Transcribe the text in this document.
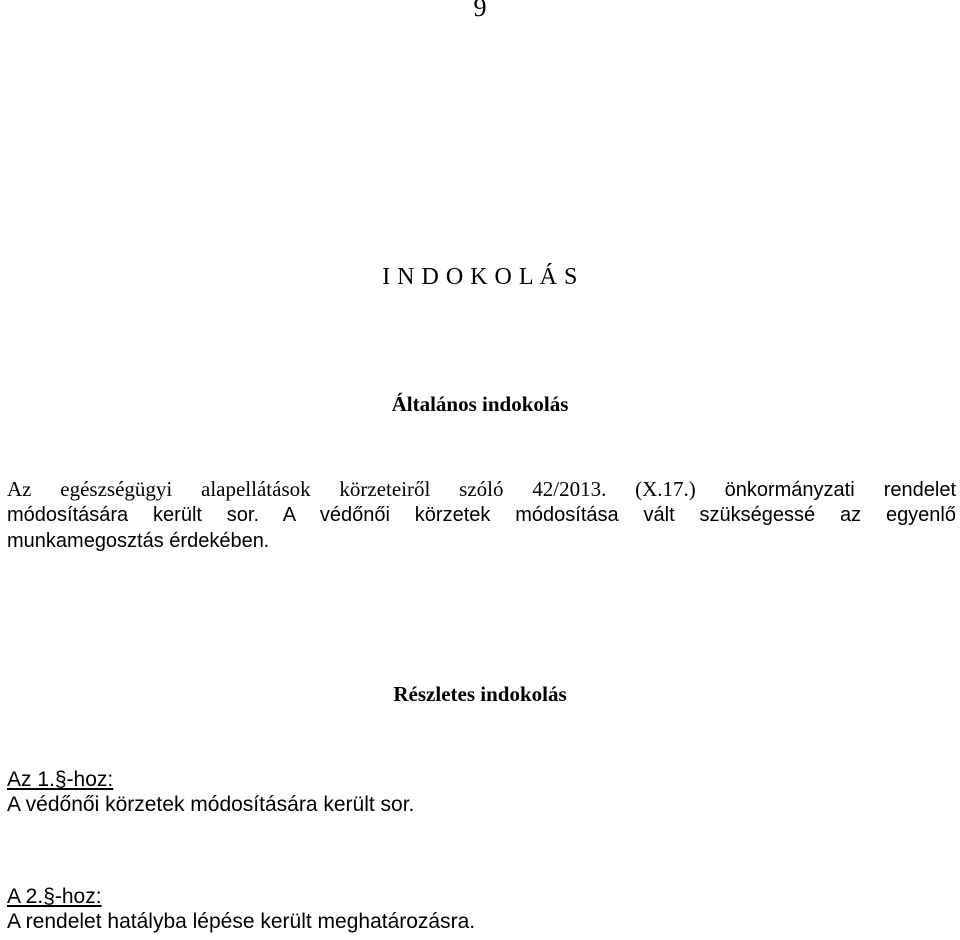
9
I N D O K O L Á S
Általános indokolás
Az egészségügyi alapellátások körzeteiről szóló 42/2013. (X.17.) önkormányzati rendelet
módosítására került sor. A védőnői körzetek módosítása vált szükségessé az egyenlő
munkamegosztás érdekében.
Részletes indokolás
Az 1.§-hoz:
A védőnői körzetek módosítására került sor.
A 2.§-hoz:
A rendelet hatályba lépése került meghatározásra.
